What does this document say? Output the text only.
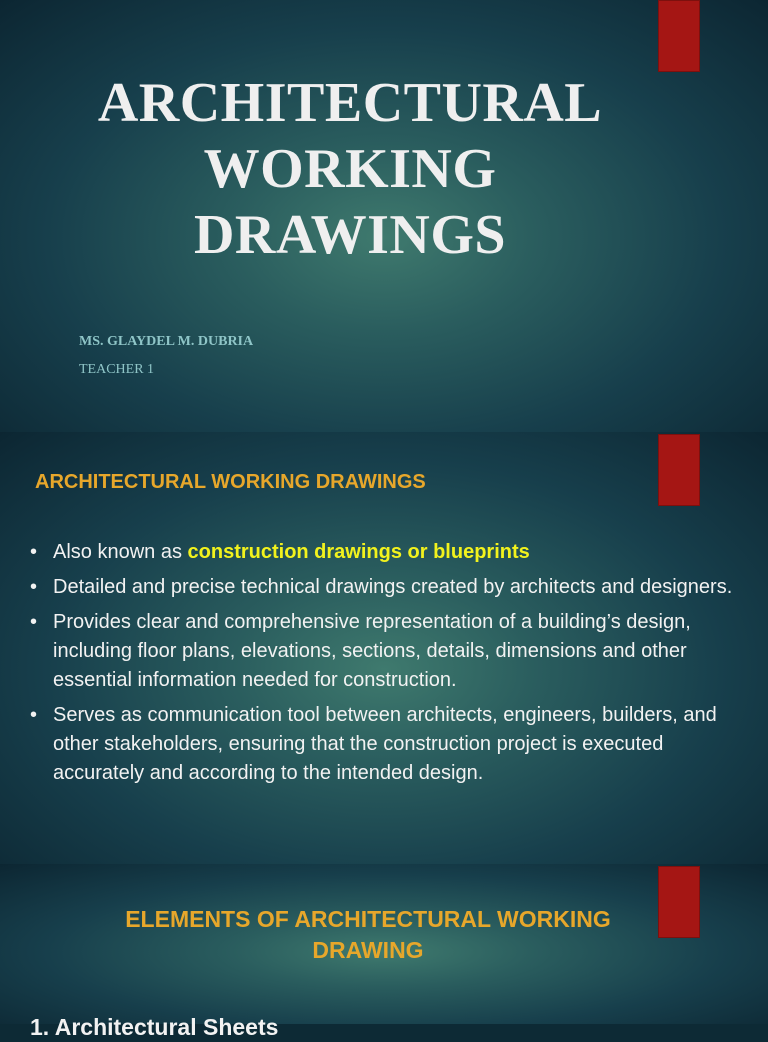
ARCHITECTURAL
WORKING
DRAWINGS
MS. GLAYDEL M. DUBRIA
TEACHER 1
ARCHITECTURAL WORKING DRAWINGS
• Also known as construction drawings or blueprints
• Detailed and precise technical drawings created by architects and designers.
• Provides clear and comprehensive representation of a building’s design, including floor plans, elevations, sections, details, dimensions and other essential information needed for construction.
• Serves as communication tool between architects, engineers, builders, and other stakeholders, ensuring that the construction project is executed accurately and according to the intended design.
ELEMENTS OF ARCHITECTURAL WORKING
DRAWING
1. Architectural Sheets
